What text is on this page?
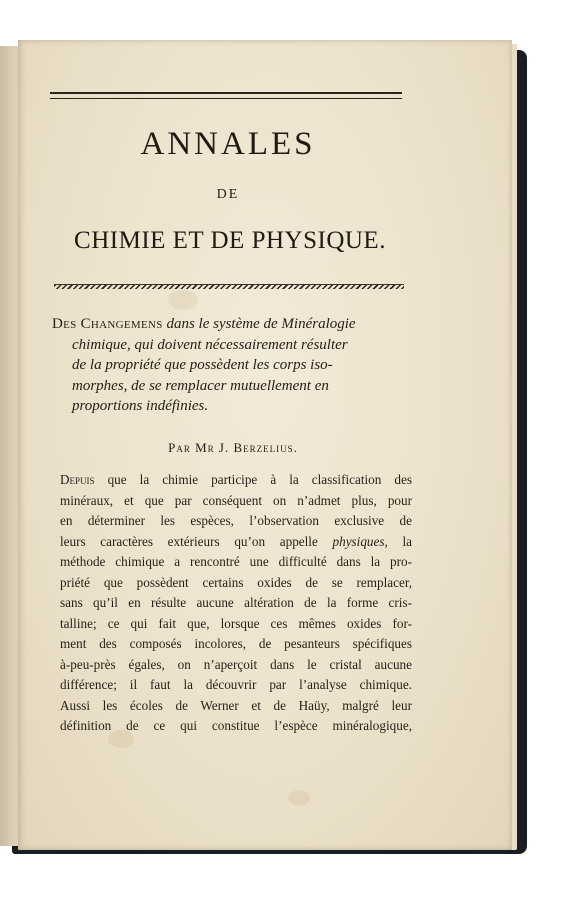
ANNALES
DE
CHIMIE ET DE PHYSIQUE.

Des Changemens dans le système de Minéralogie
chimique, qui doivent nécessairement résulter
de la propriété que possèdent les corps iso-
morphes, de se remplacer mutuellement en
proportions indéfinies.

Par Mr J. Berzelius.

Depuis que la chimie participe à la classification des
minéraux, et que par conséquent on n’admet plus, pour
en déterminer les espèces, l’observation exclusive de
leurs caractères extérieurs qu’on appelle physiques, la
méthode chimique a rencontré une difficulté dans la pro-
priété que possèdent certains oxides de se remplacer,
sans qu’il en résulte aucune altération de la forme cris-
talline; ce qui fait que, lorsque ces mêmes oxides for-
ment des composés incolores, de pesanteurs spécifiques
à-peu-près égales, on n’aperçoit dans le cristal aucune
différence; il faut la découvrir par l’analyse chimique.
Aussi les écoles de Werner et de Haüy, malgré leur
définition de ce qui constitue l’espèce minéralogique,
